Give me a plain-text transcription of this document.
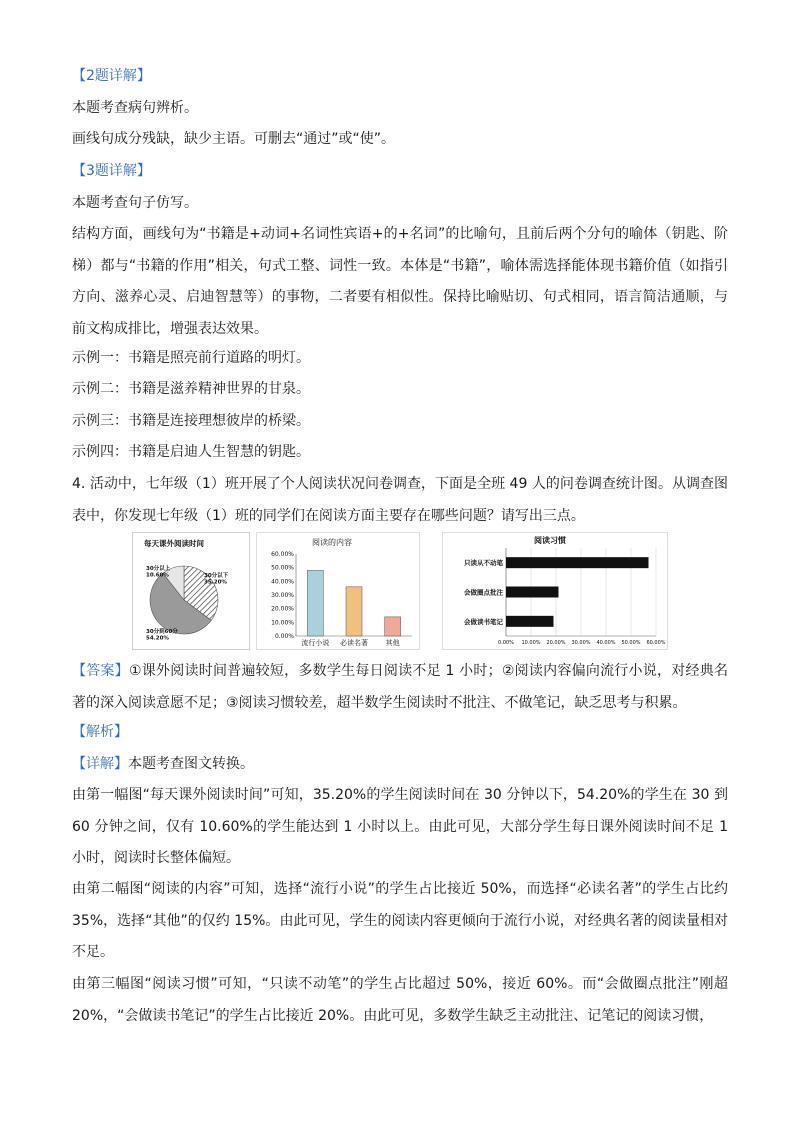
【2题详解】

本题考查病句辨析。

画线句成分残缺，缺少主语。可删去“通过”或“使”。

【3题详解】

本题考查句子仿写。

结构方面，画线句为“书籍是+动词+名词性宾语+的+名词”的比喻句，且前后两个分句的喻体（钥匙、阶梯）都与“书籍的作用”相关，句式工整、词性一致。本体是“书籍”，喻体需选择能体现书籍价值（如指引方向、滋养心灵、启迪智慧等）的事物，二者要有相似性。保持比喻贴切、句式相同，语言简洁通顺，与前文构成排比，增强表达效果。

示例一：书籍是照亮前行道路的明灯。

示例二：书籍是滋养精神世界的甘泉。

示例三：书籍是连接理想彼岸的桥梁。

示例四：书籍是启迪人生智慧的钥匙。

4. 活动中，七年级（1）班开展了个人阅读状况问卷调查，下面是全班 49 人的问卷调查统计图。从调查图表中，你发现七年级（1）班的同学们在阅读方面主要存在哪些问题？请写出三点。

每天课外阅读时间
30分以下
35.20%
30分到60分
54.20%
30分以上
10.60%
阅读的内容
0.00%
10.00%
20.00%
30.00%
40.00%
50.00%
60.00%
流行小说 必读名著	其他
阅读习惯
0.00% 10.00% 20.00% 30.00% 40.00% 50.00% 60.00%
只读从不动笔
会做圈点批注
会做读书笔记

【答案】①课外阅读时间普遍较短，多数学生每日阅读不足 1 小时；②阅读内容偏向流行小说，对经典名著的深入阅读意愿不足；③阅读习惯较差，超半数学生阅读时不批注、不做笔记，缺乏思考与积累。

【解析】

【详解】本题考查图文转换。

由第一幅图“每天课外阅读时间”可知，35.20%的学生阅读时间在 30 分钟以下，54.20%的学生在 30 到 60 分钟之间，仅有 10.60%的学生能达到 1 小时以上。由此可见，大部分学生每日课外阅读时间不足 1 小时，阅读时长整体偏短。

由第二幅图“阅读的内容”可知，选择“流行小说”的学生占比接近 50%，而选择“必读名著”的学生占比约 35%，选择“其他”的仅约 15%。由此可见，学生的阅读内容更倾向于流行小说，对经典名著的阅读量相对不足。

由第三幅图“阅读习惯”可知，“只读不动笔”的学生占比超过 50%，接近 60%。而“会做圈点批注”刚超 20%，“会做读书笔记”的学生占比接近 20%。由此可见，多数学生缺乏主动批注、记笔记的阅读习惯，
